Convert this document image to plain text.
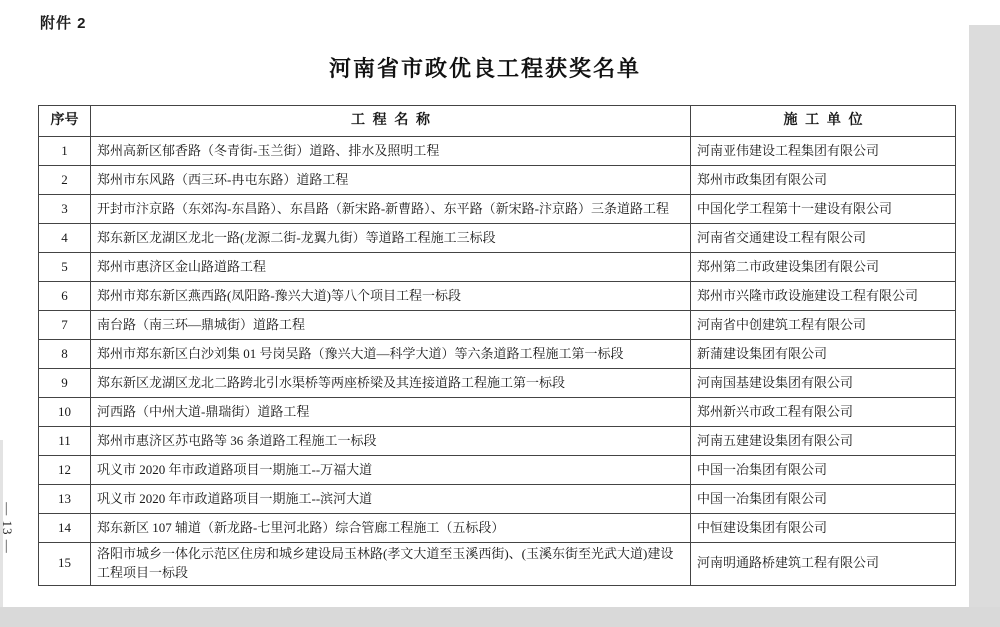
附件 2
河南省市政优良工程获奖名单
— 13 —
序号	工程名称	施工单位
1	郑州高新区郁香路（冬青街-玉兰街）道路、排水及照明工程	河南亚伟建设工程集团有限公司
2	郑州市东风路（西三环-冉屯东路）道路工程	郑州市政集团有限公司
3	开封市汴京路（东郊沟-东昌路）、东昌路（新宋路-新曹路）、东平路（新宋路-汴京路）三条道路工程	中国化学工程第十一建设有限公司
4	郑东新区龙湖区龙北一路(龙源二街-龙翼九街）等道路工程施工三标段	河南省交通建设工程有限公司
5	郑州市惠济区金山路道路工程	郑州第二市政建设集团有限公司
6	郑州市郑东新区燕西路(凤阳路-豫兴大道)等八个项目工程一标段	郑州市兴隆市政设施建设工程有限公司
7	南台路（南三环—鼎城街）道路工程	河南省中创建筑工程有限公司
8	郑州市郑东新区白沙刘集 01 号岗吴路（豫兴大道—科学大道）等六条道路工程施工第一标段	新蒲建设集团有限公司
9	郑东新区龙湖区龙北二路跨北引水渠桥等两座桥梁及其连接道路工程施工第一标段	河南国基建设集团有限公司
10	河西路（中州大道-鼎瑞街）道路工程	郑州新兴市政工程有限公司
11	郑州市惠济区苏屯路等 36 条道路工程施工一标段	河南五建建设集团有限公司
12	巩义市 2020 年市政道路项目一期施工--万福大道	中国一冶集团有限公司
13	巩义市 2020 年市政道路项目一期施工--滨河大道	中国一冶集团有限公司
14	郑东新区 107 辅道（新龙路-七里河北路）综合管廊工程施工（五标段）	中恒建设集团有限公司
15	洛阳市城乡一体化示范区住房和城乡建设局玉林路(孝文大道至玉溪西街)、(玉溪东街至光武大道)建设工程项目一标段	河南明通路桥建筑工程有限公司
